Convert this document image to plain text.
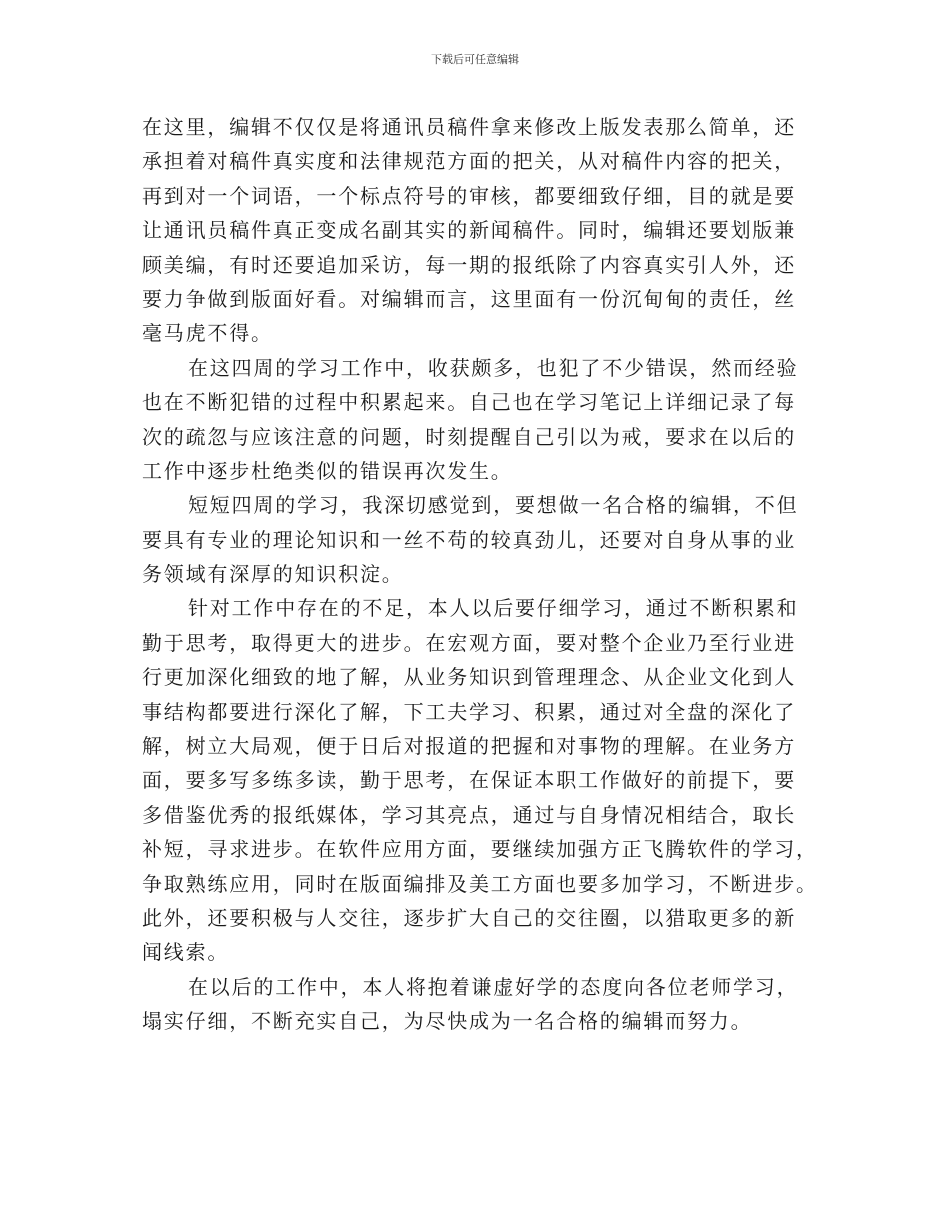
下载后可任意编辑
在这里，编辑不仅仅是将通讯员稿件拿来修改上版发表那么简单，还
承担着对稿件真实度和法律规范方面的把关，从对稿件内容的把关，
再到对一个词语，一个标点符号的审核，都要细致仔细，目的就是要
让通讯员稿件真正变成名副其实的新闻稿件。同时，编辑还要划版兼
顾美编，有时还要追加采访，每一期的报纸除了内容真实引人外，还
要力争做到版面好看。对编辑而言，这里面有一份沉甸甸的责任，丝
毫马虎不得。
在这四周的学习工作中，收获颇多，也犯了不少错误，然而经验
也在不断犯错的过程中积累起来。自己也在学习笔记上详细记录了每
次的疏忽与应该注意的问题，时刻提醒自己引以为戒，要求在以后的
工作中逐步杜绝类似的错误再次发生。
短短四周的学习，我深切感觉到，要想做一名合格的编辑，不但
要具有专业的理论知识和一丝不苟的较真劲儿，还要对自身从事的业
务领域有深厚的知识积淀。
针对工作中存在的不足，本人以后要仔细学习，通过不断积累和
勤于思考，取得更大的进步。在宏观方面，要对整个企业乃至行业进
行更加深化细致的地了解，从业务知识到管理理念、从企业文化到人
事结构都要进行深化了解，下工夫学习、积累，通过对全盘的深化了
解，树立大局观，便于日后对报道的把握和对事物的理解。在业务方
面，要多写多练多读，勤于思考，在保证本职工作做好的前提下，要
多借鉴优秀的报纸媒体，学习其亮点，通过与自身情况相结合，取长
补短，寻求进步。在软件应用方面，要继续加强方正飞腾软件的学习，
争取熟练应用，同时在版面编排及美工方面也要多加学习，不断进步。
此外，还要积极与人交往，逐步扩大自己的交往圈，以猎取更多的新
闻线索。
在以后的工作中，本人将抱着谦虚好学的态度向各位老师学习，
塌实仔细，不断充实自己，为尽快成为一名合格的编辑而努力。
